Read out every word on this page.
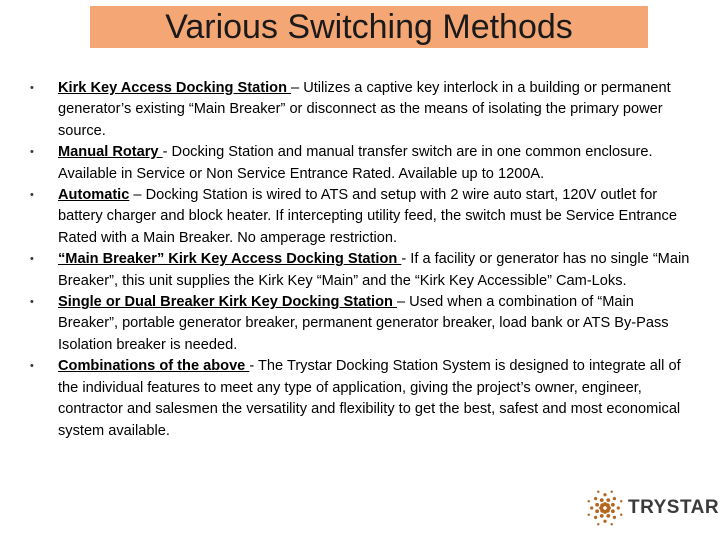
Various Switching Methods
•	Kirk Key Access Docking Station – Utilizes a captive key interlock in a building or permanent generator’s existing “Main Breaker” or disconnect as the means of isolating the primary power source.
•	Manual Rotary - Docking Station and manual transfer switch are in one common enclosure. Available in Service or Non Service Entrance Rated. Available up to 1200A.
•	Automatic – Docking Station is wired to ATS and setup with 2 wire auto start, 120V outlet for battery charger and block heater. If intercepting utility feed, the switch must be Service Entrance Rated with a Main Breaker. No amperage restriction.
•	“Main Breaker” Kirk Key Access Docking Station - If a facility or generator has no single “Main Breaker”, this unit supplies the Kirk Key “Main” and the “Kirk Key Accessible” Cam-Loks.
•	Single or Dual Breaker Kirk Key Docking Station – Used when a combination of “Main Breaker”, portable generator breaker, permanent generator breaker, load bank or ATS By-Pass Isolation breaker is needed.
•	Combinations of the above - The Trystar Docking Station System is designed to integrate all of the individual features to meet any type of application, giving the project’s owner, engineer, contractor and salesmen the versatility and flexibility to get the best, safest and most economical system available.
TRYSTAR
